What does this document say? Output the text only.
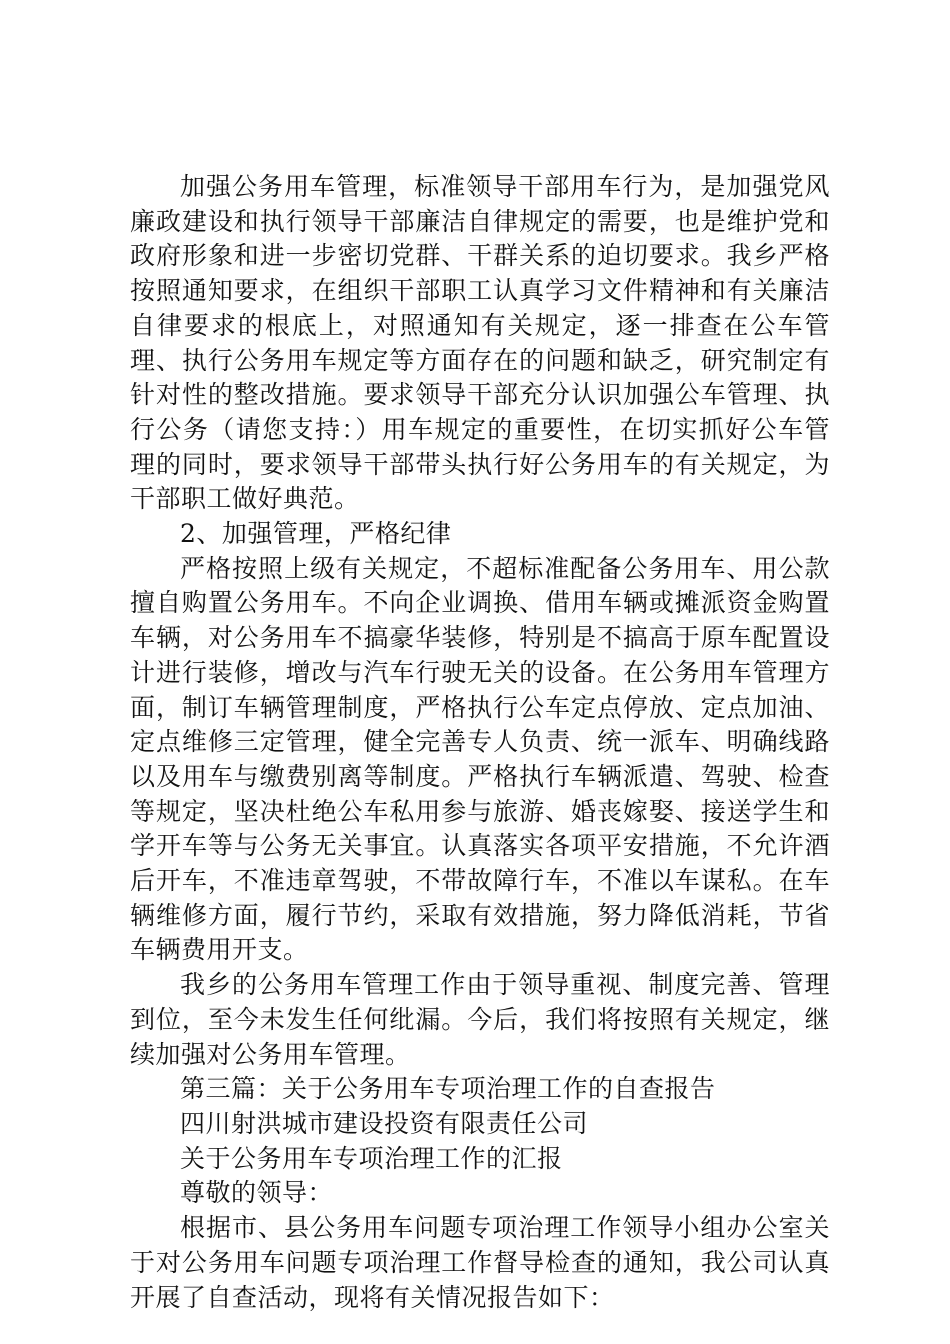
加强公务用车管理，标准领导干部用车行为，是加强党风廉政建设和执行领导干部廉洁自律规定的需要，也是维护党和政府形象和进一步密切党群、干群关系的迫切要求。我乡严格按照通知要求，在组织干部职工认真学习文件精神和有关廉洁自律要求的根底上，对照通知有关规定，逐一排查在公车管理、执行公务用车规定等方面存在的问题和缺乏，研究制定有针对性的整改措施。要求领导干部充分认识加强公车管理、执行公务（请您支持：）用车规定的重要性，在切实抓好公车管理的同时，要求领导干部带头执行好公务用车的有关规定，为干部职工做好典范。

2、加强管理，严格纪律

严格按照上级有关规定，不超标准配备公务用车、用公款擅自购置公务用车。不向企业调换、借用车辆或摊派资金购置车辆，对公务用车不搞豪华装修，特别是不搞高于原车配置设计进行装修，增改与汽车行驶无关的设备。在公务用车管理方面，制订车辆管理制度，严格执行公车定点停放、定点加油、定点维修三定管理，健全完善专人负责、统一派车、明确线路以及用车与缴费别离等制度。严格执行车辆派遣、驾驶、检查等规定，坚决杜绝公车私用参与旅游、婚丧嫁娶、接送学生和学开车等与公务无关事宜。认真落实各项平安措施，不允许酒后开车，不准违章驾驶，不带故障行车，不准以车谋私。在车辆维修方面，履行节约，采取有效措施，努力降低消耗，节省车辆费用开支。

我乡的公务用车管理工作由于领导重视、制度完善、管理到位，至今未发生任何纰漏。今后，我们将按照有关规定，继续加强对公务用车管理。

第三篇：关于公务用车专项治理工作的自查报告

四川射洪城市建设投资有限责任公司

关于公务用车专项治理工作的汇报

尊敬的领导：

根据市、县公务用车问题专项治理工作领导小组办公室关于对公务用车问题专项治理工作督导检查的通知，我公司认真开展了自查活动，现将有关情况报告如下：
